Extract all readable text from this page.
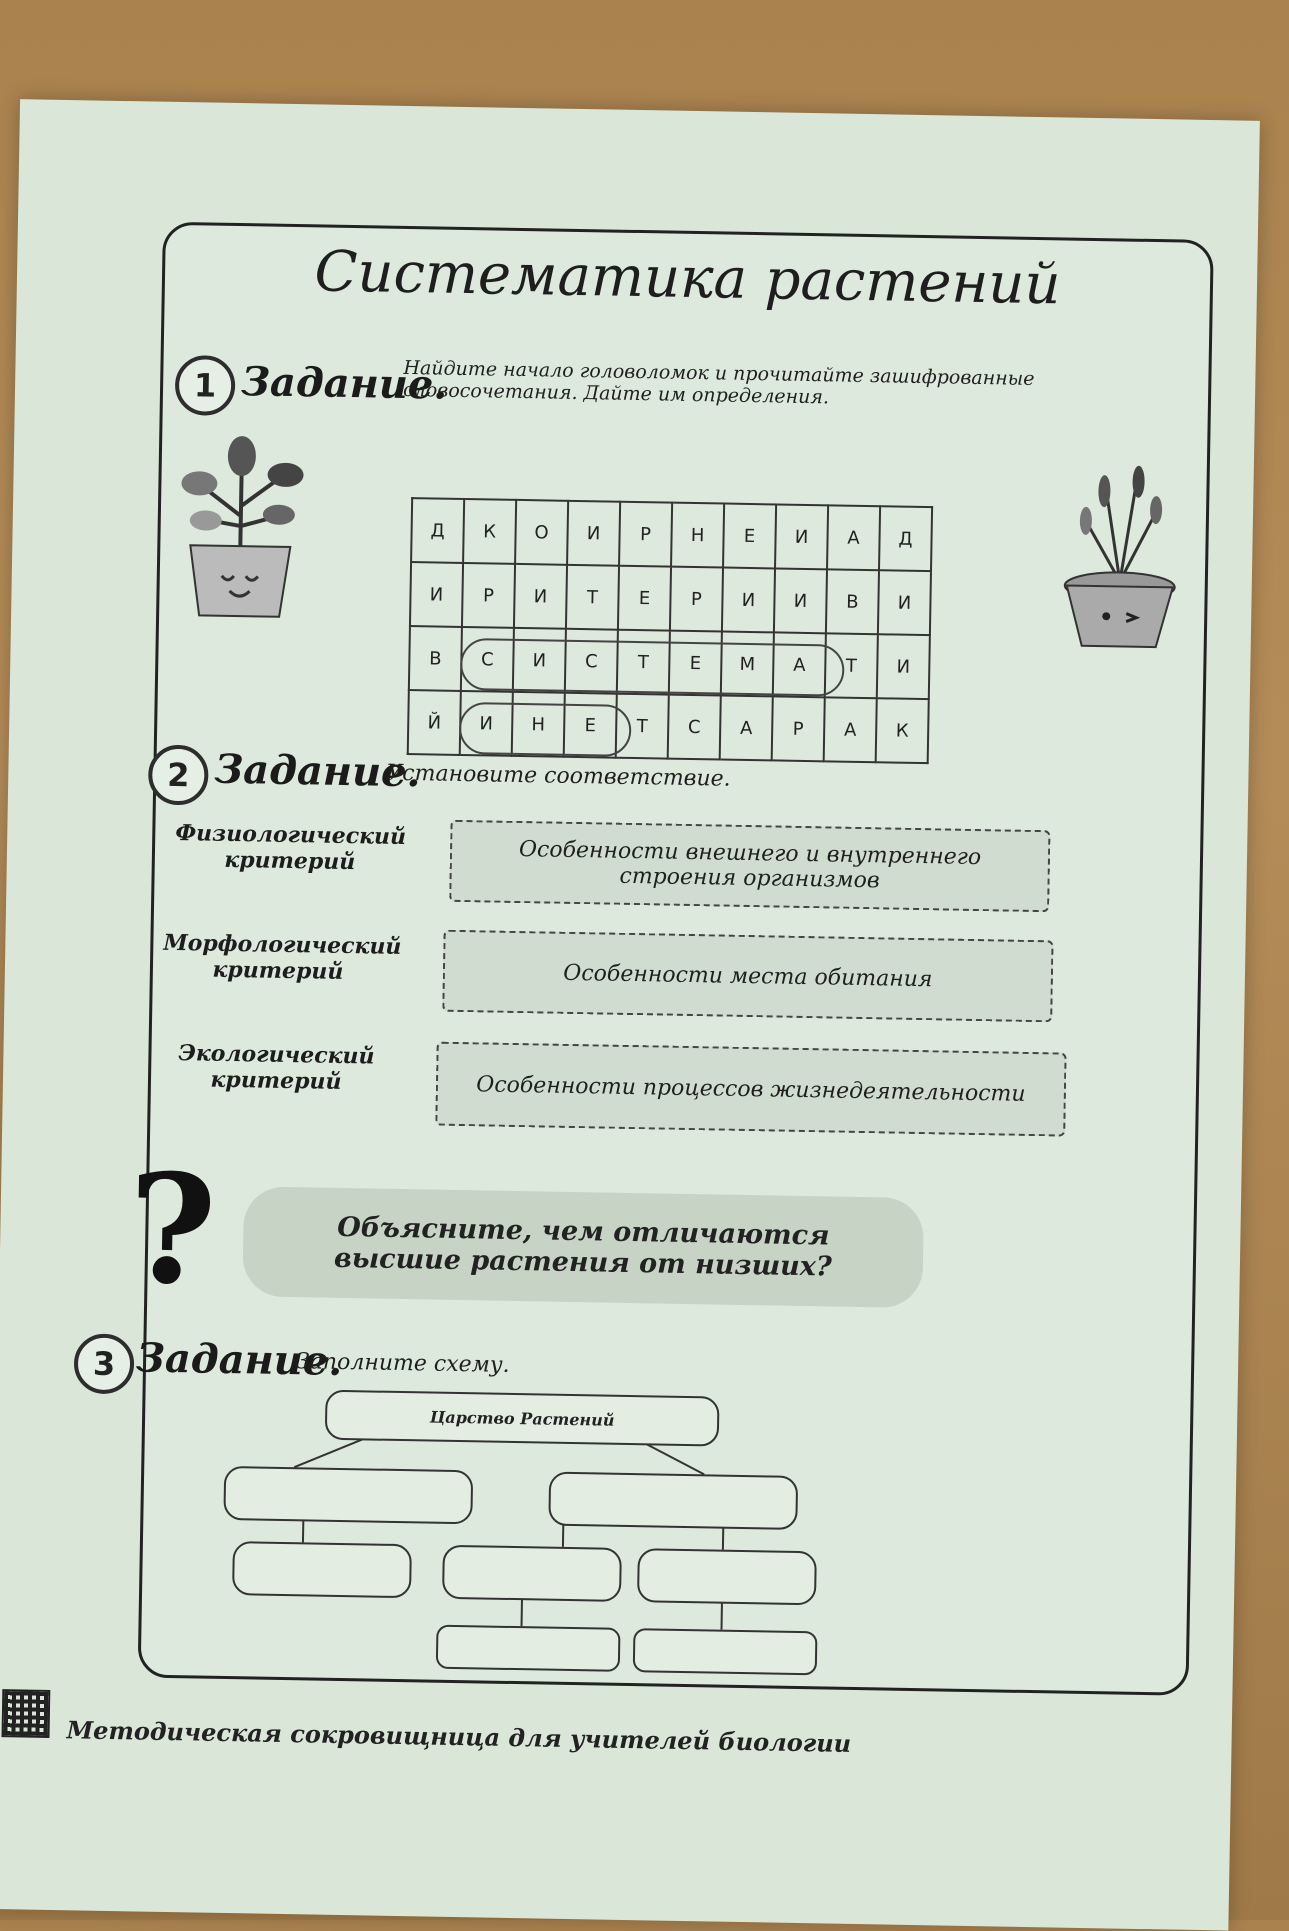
Систематика растений
1 Задание.
Найдите начало головоломок и прочитайте зашифрованные словосочетания. Дайте им определения.
Д	К	О	И	Р	Н	Е	И	А	Д
И	Р	И	Т	Е	Р	И	И	В	И
В	С	И	С	Т	Е	М	А	Т	И
Й	И	Н	Е	Т	С	А	Р	А	К
2 Задание.
Установите соответствие.
Физиологический критерий
Морфологический критерий
Экологический критерий
Особенности внешнего и внутреннего строения организмов
Особенности места обитания
Особенности процессов жизнедеятельности
?	Объясните, чем отличаются высшие растения от низших?
3 Задание.
Заполните схему.
Царство Растений
Методическая сокровищница для учителей биологии
